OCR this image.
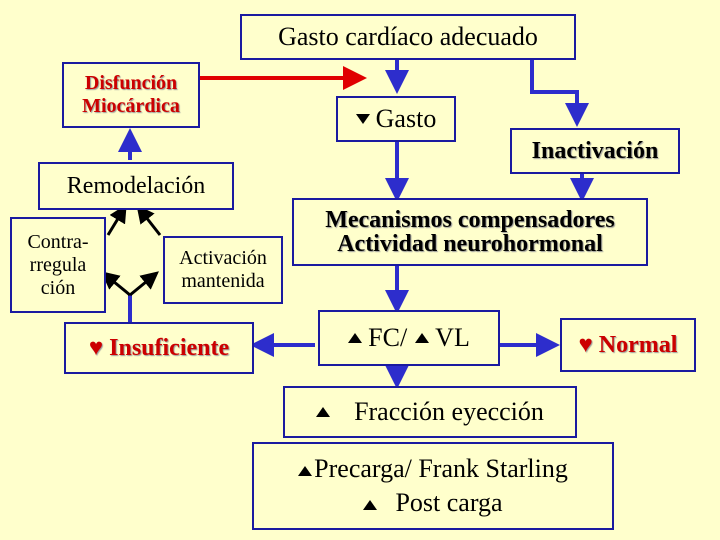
Gasto cardíaco adecuado
Disfunción
Miocárdica	Gasto
Inactivación
Remodelación
Contra-
rregula
ción
Activación
mantenida
Mecanismos compensadores
Actividad neurohormonal
♥ Insuficiente	FC/ VL	♥ Normal
Fracción eyección
Precarga/ Frank Starling
Post carga
